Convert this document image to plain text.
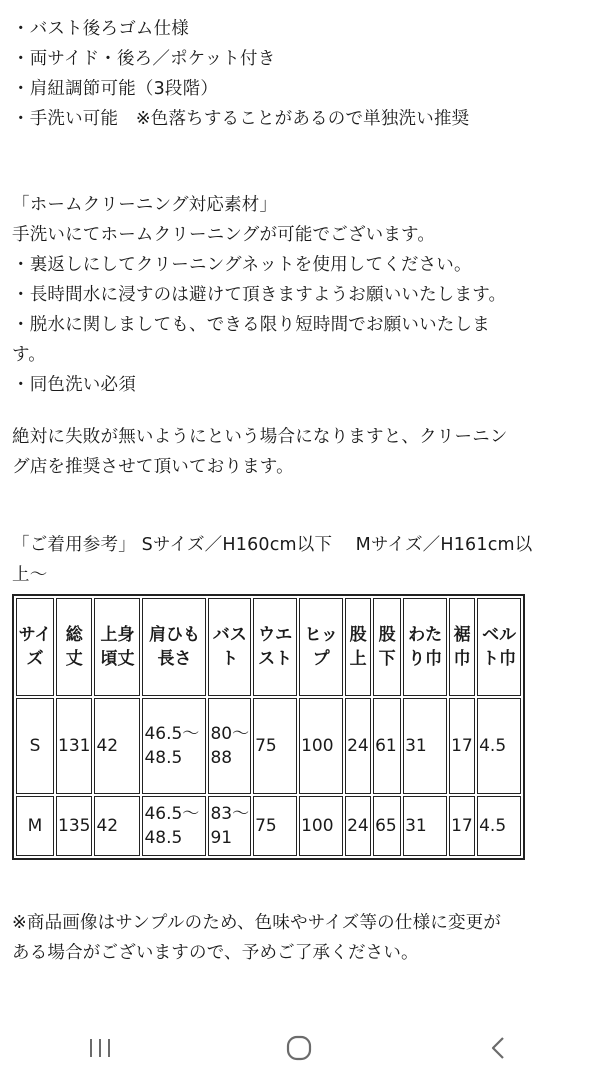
・バスト後ろゴム仕様
・両サイド・後ろ／ポケット付き
・肩紐調節可能（3段階）
・手洗い可能　※色落ちすることがあるので単独洗い推奨
「ホームクリーニング対応素材」
手洗いにてホームクリーニングが可能でございます。
・裏返しにしてクリーニングネットを使用してください。
・長時間水に浸すのは避けて頂きますようお願いいたします。
・脱水に関しましても、できる限り短時間でお願いいたしま
す。
・同色洗い必須
絶対に失敗が無いようにという場合になりますと、クリーニン
グ店を推奨させて頂いております。
「ご着用参考」 Sサイズ／H160cm以下　 Mサイズ／H161cm以
上～
サイズ	総丈	上身頃丈	肩ひも長さ	バスト	ウエスト	ヒップ	股上	股下	わたり巾	裾巾	ベルト巾
S	131	42	46.5〜48.5	80〜88	75	100	24	61	31	17	4.5
M	135	42	46.5〜48.5	83〜91	75	100	24	65	31	17	4.5
※商品画像はサンプルのため、色味やサイズ等の仕様に変更が
ある場合がございますので、予めご了承ください。
